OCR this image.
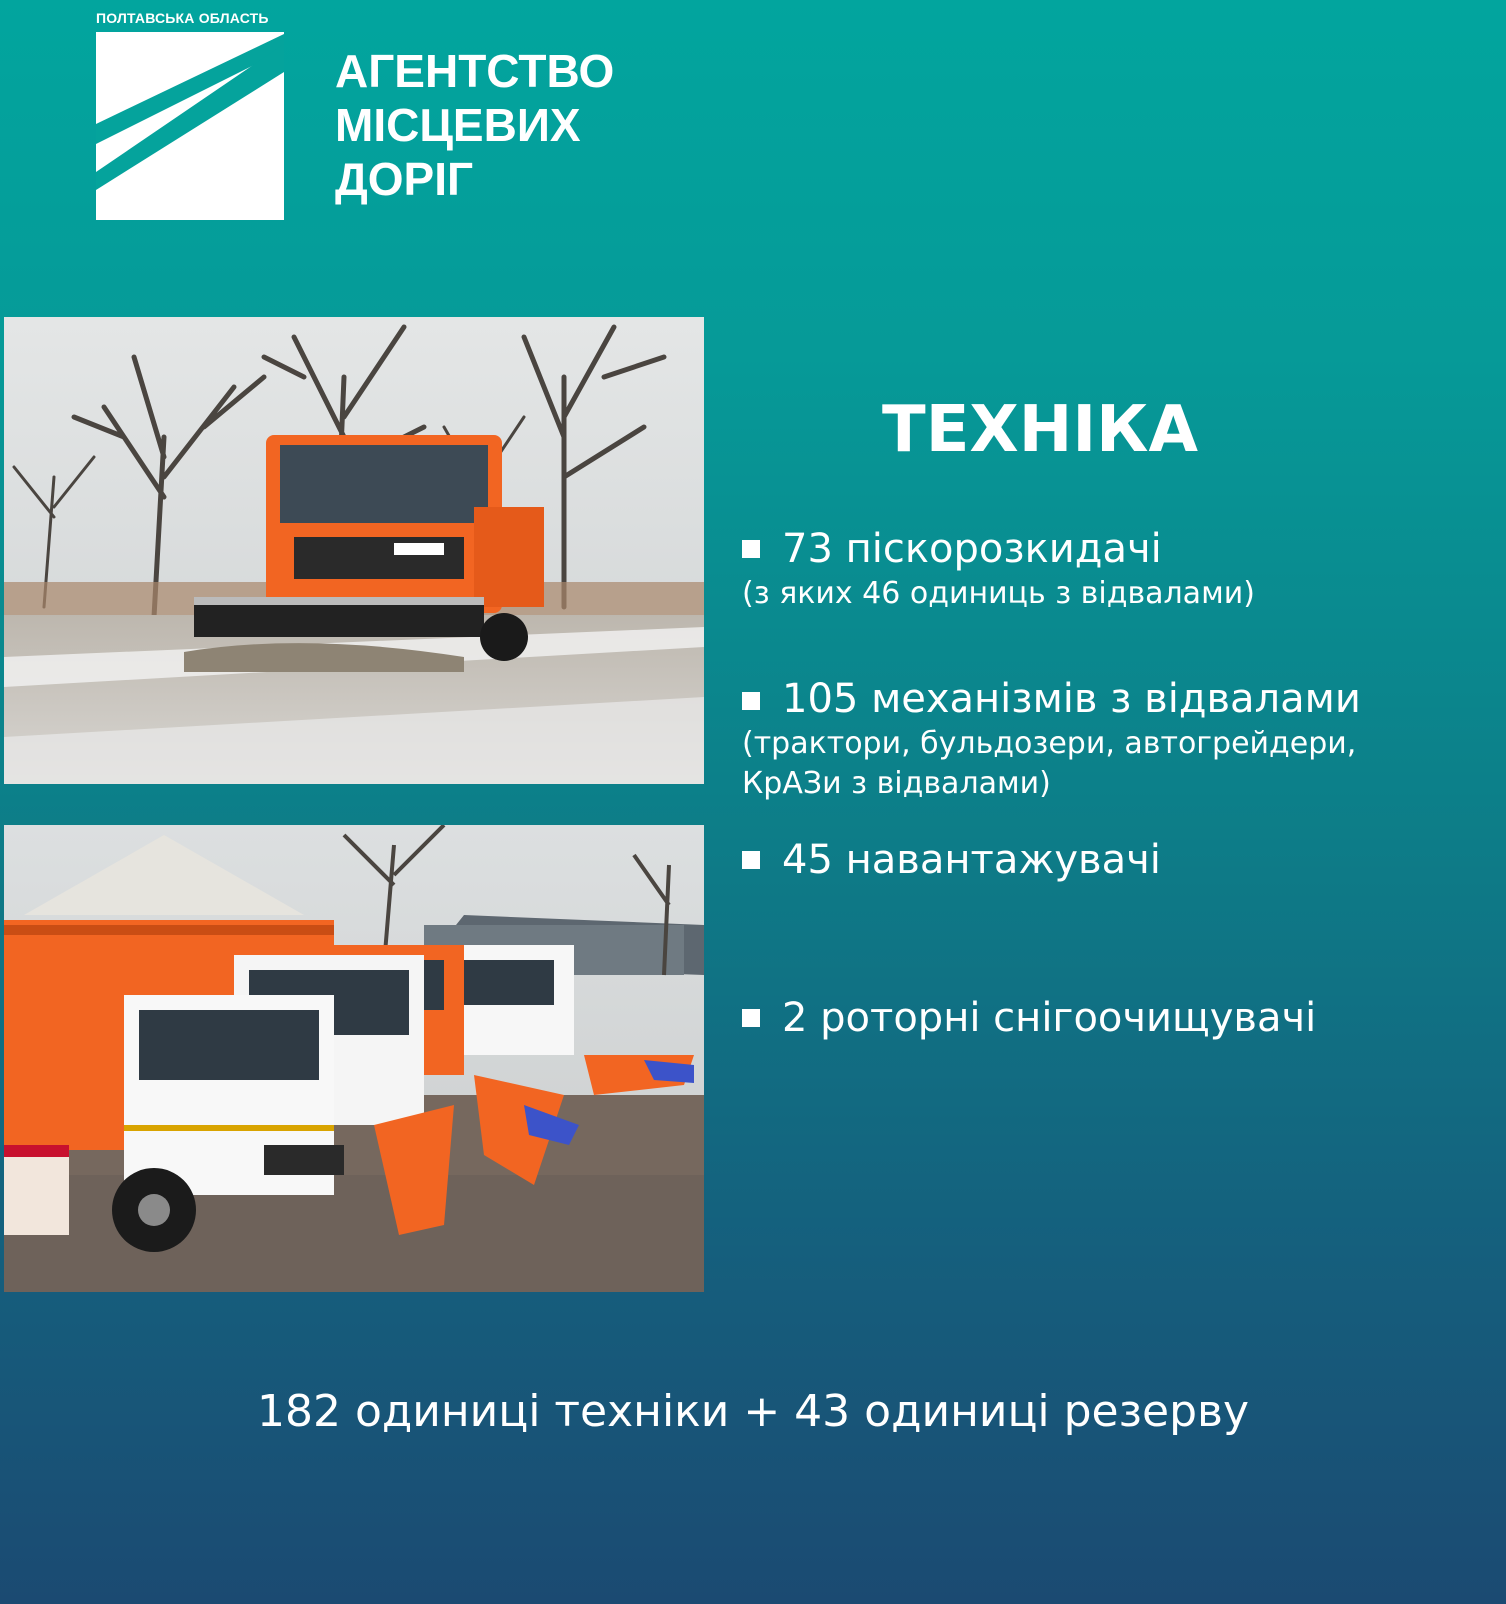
ПОЛТАВСЬКА ОБЛАСТЬ
АГЕНТСТВО
МІСЦЕВИХ
ДОРІГ
ТЕХНІКА
73 піскорозкидачі
(з яких 46 одиниць з відвалами)
105 механізмів з відвалами
(трактори, бульдозери, автогрейдери,
КрАЗи з відвалами)
45 навантажувачі
2 роторні снігоочищувачі
182 одиниці техніки + 43 одиниці резерву
